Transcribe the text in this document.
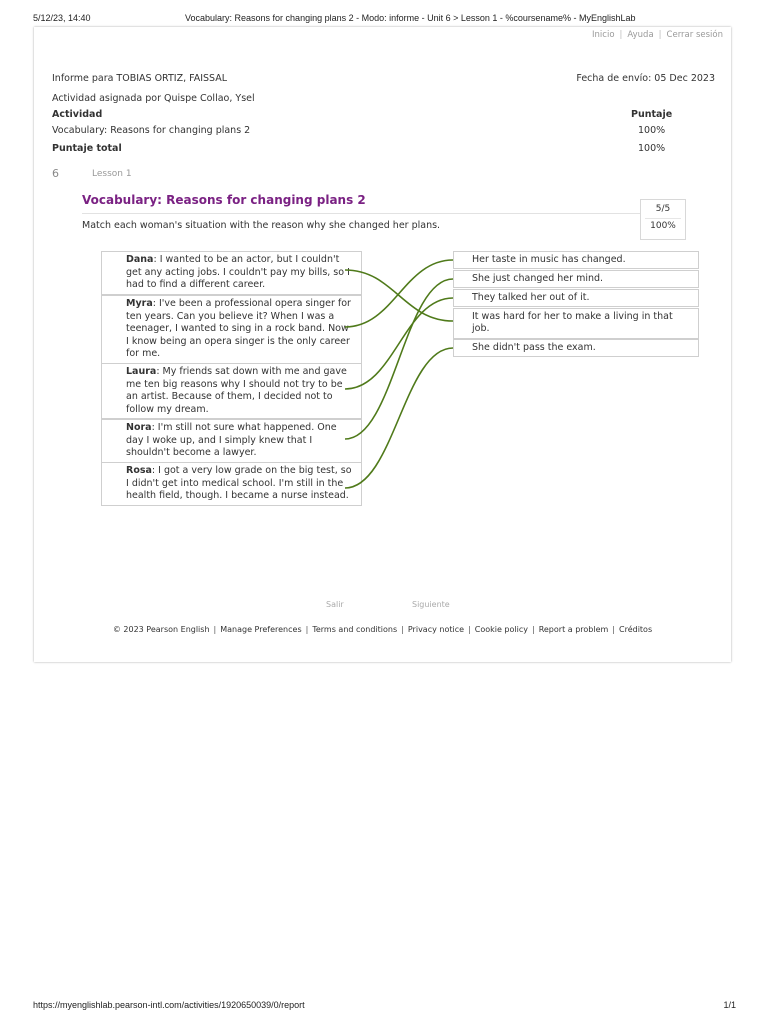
5/12/23, 14:40	Vocabulary: Reasons for changing plans 2 - Modo: informe - Unit 6 > Lesson 1 - %coursename% - MyEnglishLab
Inicio | Ayuda | Cerrar sesión
Informe para TOBIAS ORTIZ, FAISSAL	Fecha de envío: 05 Dec 2023
Actividad asignada por Quispe Collao, Ysel
Actividad	Puntaje
Vocabulary: Reasons for changing plans 2	100%
Puntaje total	100%
6	Lesson 1
Vocabulary: Reasons for changing plans 2
Match each woman's situation with the reason why she changed her plans.
5/5
100%
Dana: I wanted to be an actor, but I couldn't get any acting jobs. I couldn't pay my bills, so I had to find a different career.
Myra: I've been a professional opera singer for ten years. Can you believe it? When I was a teenager, I wanted to sing in a rock band. Now I know being an opera singer is the only career for me.
Laura: My friends sat down with me and gave me ten big reasons why I should not try to be an artist. Because of them, I decided not to follow my dream.
Nora: I'm still not sure what happened. One day I woke up, and I simply knew that I shouldn't become a lawyer.
Rosa: I got a very low grade on the big test, so I didn't get into medical school. I'm still in the health field, though. I became a nurse instead.
Her taste in music has changed.
She just changed her mind.
They talked her out of it.
It was hard for her to make a living in that job.
She didn't pass the exam.
Salir	Siguiente
© 2023 Pearson English | Manage Preferences | Terms and conditions | Privacy notice | Cookie policy | Report a problem | Créditos
https://myenglishlab.pearson-intl.com/activities/1920650039/0/report	1/1
